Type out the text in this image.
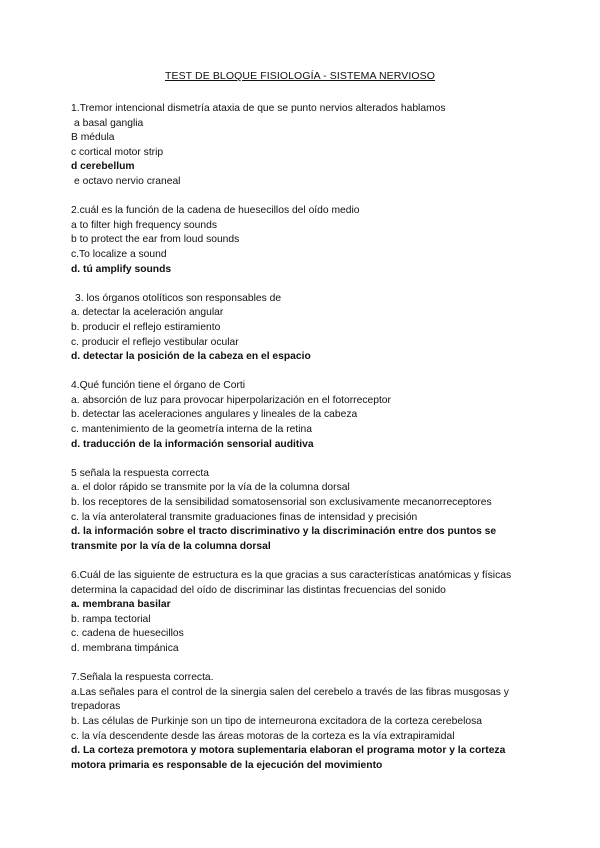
TEST DE BLOQUE FISIOLOGÍA - SISTEMA NERVIOSO
1.Tremor intencional dismetría ataxia de que se punto nervios alterados hablamos
a basal ganglia
B médula
c cortical motor strip
d cerebellum
e octavo nervio craneal
2.cuál es la función de la cadena de huesecillos del oído medio
a to filter high frequency sounds
b to protect the ear from loud sounds
c.To localize a sound
d. tú amplify sounds
3. los órganos otolíticos son responsables de
a. detectar la aceleración angular
b. producir el reflejo estiramiento
c. producir el reflejo vestibular ocular
d. detectar la posición de la cabeza en el espacio
4.Qué función tiene el órgano de Corti
a. absorción de luz para provocar hiperpolarización en el fotorreceptor
b. detectar las aceleraciones angulares y lineales de la cabeza
c. mantenimiento de la geometría interna de la retina
d. traducción de la información sensorial auditiva
5 señala la respuesta correcta
a. el dolor rápido se transmite por la vía de la columna dorsal
b. los receptores de la sensibilidad somatosensorial son exclusivamente mecanorreceptores
c. la vía anterolateral transmite graduaciones finas de intensidad y precisión
d. la información sobre el tracto discriminativo y la discriminación entre dos puntos se transmite por la vía de la columna dorsal
6.Cuál de las siguiente de estructura es la que gracias a sus características anatómicas y físicas determina la capacidad del oído de discriminar las distintas frecuencias del sonido
a. membrana basilar
b. rampa tectorial
c. cadena de huesecillos
d. membrana timpánica
7.Señala la respuesta correcta.
a.Las señales para el control de la sinergia salen del cerebelo a través de las fibras musgosas y trepadoras
b. Las células de Purkinje son un tipo de interneurona excitadora de la corteza cerebelosa
c. la vía descendente desde las áreas motoras de la corteza es la vía extrapiramidal
d. La corteza premotora y motora suplementaria elaboran el programa motor y la corteza motora primaria es responsable de la ejecución del movimiento
